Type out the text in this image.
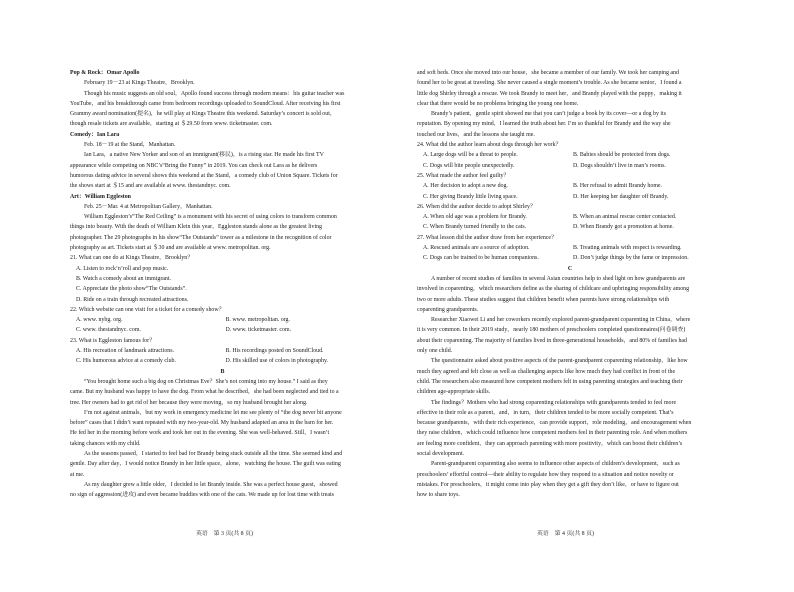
Pop & Rock：Omar Apollo
February 19－23 at Kings Theatre，Brooklyn.
Though his music suggests an old soul，Apollo found success through modern means：his guitar teacher was
YouTube，and his breakthrough came from bedroom recordings uploaded to SoundCloud. After receiving his first
Grammy award nomination(提名)，he will play at Kings Theatre this weekend. Saturday’s concert is sold out，
though resale tickets are available，starting at ＄29.50 from www. ticketmaster. com.
Comedy：Ian Lara
Feb. 18－19 at the Stand，Manhattan.
Ian Lara，a native New Yorker and son of an immigrant(移民)，is a rising star. He made his first TV
appearance while competing on NBC’s“Bring the Funny” in 2019. You can check out Lara as he delivers
humorous dating advice in several shows this weekend at the Stand，a comedy club of Union Square. Tickets for
the shows start at ＄15 and are available at www. thestandnyc. com.
Art：William Eggleston
Feb. 25－Mar. 4 at Metropolitan Gallery，Manhattan.
William Eggleston’s“The Red Ceiling” is a monument with his secret of using colors to transform common
things into beauty. With the death of William Klein this year，Eggleston stands alone as the greatest living
photographer. The 29 photographs in his show“The Outstands” tower as a milestone in the recognition of color
photography as art. Tickets start at ＄30 and are available at www. metropolitan. org.
21. What can one do at Kings Theatre，Brooklyn？
A. Listen to rock’n’roll and pop music.
B. Watch a comedy about an immigrant.
C. Appreciate the photo show“The Outstands”.
D. Ride on a train through recreated attractions.
22. Which website can one visit for a ticket for a comedy show？
A. www. nybg. org.	B. www. metropolitan. org.
C. www. thestandnyc. com.	D. www. ticketmaster. com.
23. What is Eggleston famous for？
A. His recreation of landmark attractions.	B. His recordings posted on SoundCloud.
C. His humorous advice at a comedy club.	D. His skilled use of colors in photography.
B
“You brought home such a big dog on Christmas Eve？She’s not coming into my house.” I said as they
came. But my husband was happy to have the dog. From what he described，she had been neglected and tied to a
tree. Her owners had to get rid of her because they were moving，so my husband brought her along.
I’m not against animals，but my work in emergency medicine let me see plenty of “the dog never bit anyone
before” cases that I didn’t want repeated with my two-year-old. My husband adapted an area in the barn for her.
He fed her in the morning before work and took her out in the evening. She was well-behaved. Still，I wasn’t
taking chances with my child.
As the seasons passed，I started to feel bad for Brandy being stuck outside all the time. She seemed kind and
gentle. Day after day，I would notice Brandy in her little space，alone，watching the house. The guilt was eating
at me.
As my daughter grew a little older，I decided to let Brandy inside. She was a perfect house guest，showed
no sign of aggression(进攻) and even became buddies with one of the cats. We made up for lost time with treats
and soft beds. Once she moved into our house，she became a member of our family. We took her camping and
found her to be great at traveling. She never caused a single moment’s trouble. As she became senior，I found a
little dog Shirley through a rescue. We took Brandy to meet her，and Brandy played with the puppy，making it
clear that there would be no problems bringing the young one home.
Brandy’s patient，gentle spirit showed me that you can’t judge a book by its cover—or a dog by its
reputation. By opening my mind，I learned the truth about her. I’m so thankful for Brandy and the way she
touched our lives，and the lessons she taught me.
24. What did the author learn about dogs through her work？
A. Large dogs will be a threat to people.	B. Babies should be protected from dogs.
C. Dogs will bite people unexpectedly.	D. Dogs shouldn’t live in man’s rooms.
25. What made the author feel guilty？
A. Her decision to adopt a new dog.	B. Her refusal to admit Brandy home.
C. Her giving Brandy little living space.	D. Her keeping her daughter off Brandy.
26. When did the author decide to adopt Shirley？
A. When old age was a problem for Brandy.	B. When an animal rescue center contacted.
C. When Brandy turned friendly to the cats.	D. When Brandy got a promotion at home.
27. What lesson did the author draw from her experience？
A. Rescued animals are a source of adoption.	B. Treating animals with respect is rewarding.
C. Dogs can be trained to be human companions.	D. Don’t judge things by the fame or impression.
C
A number of recent studies of families in several Asian countries help to shed light on how grandparents are
involved in coparenting，which researchers define as the sharing of childcare and upbringing responsibility among
two or more adults. These studies suggest that children benefit when parents have strong relationships with
coparenting grandparents.
Researcher Xiaowei Li and her coworkers recently explored parent-grandparent coparenting in China，where
it is very common. In their 2019 study，nearly 180 mothers of preschoolers completed questionnaires(问卷调查)
about their coparenting. The majority of families lived in three-generational households，and 80% of families had
only one child.
The questionnaire asked about positive aspects of the parent-grandparent coparenting relationship，like how
much they agreed and felt close as well as challenging aspects like how much they had conflict in front of the
child. The researchers also measured how competent mothers felt in using parenting strategies and teaching their
children age-appropriate skills.
The findings？Mothers who had strong coparenting relationships with grandparents tended to feel more
effective in their role as a parent，and，in turn，their children tended to be more socially competent. That’s
because grandparents，with their rich experience，can provide support，role modeling，and encouragement when
they raise children，which could influence how competent mothers feel in their parenting role. And when mothers
are feeling more confident，they can approach parenting with more positivity，which can boost their children’s
social development.
Parent-grandparent coparenting also seems to influence other aspects of children’s development，such as
preschoolers’ effortful control—their ability to regulate how they respond to a situation and notice novelty or
mistakes. For preschoolers，it might come into play when they get a gift they don’t like，or have to figure out
how to share toys.
英语　第 3 页(共 8 页)	英语　第 4 页(共 8 页)
